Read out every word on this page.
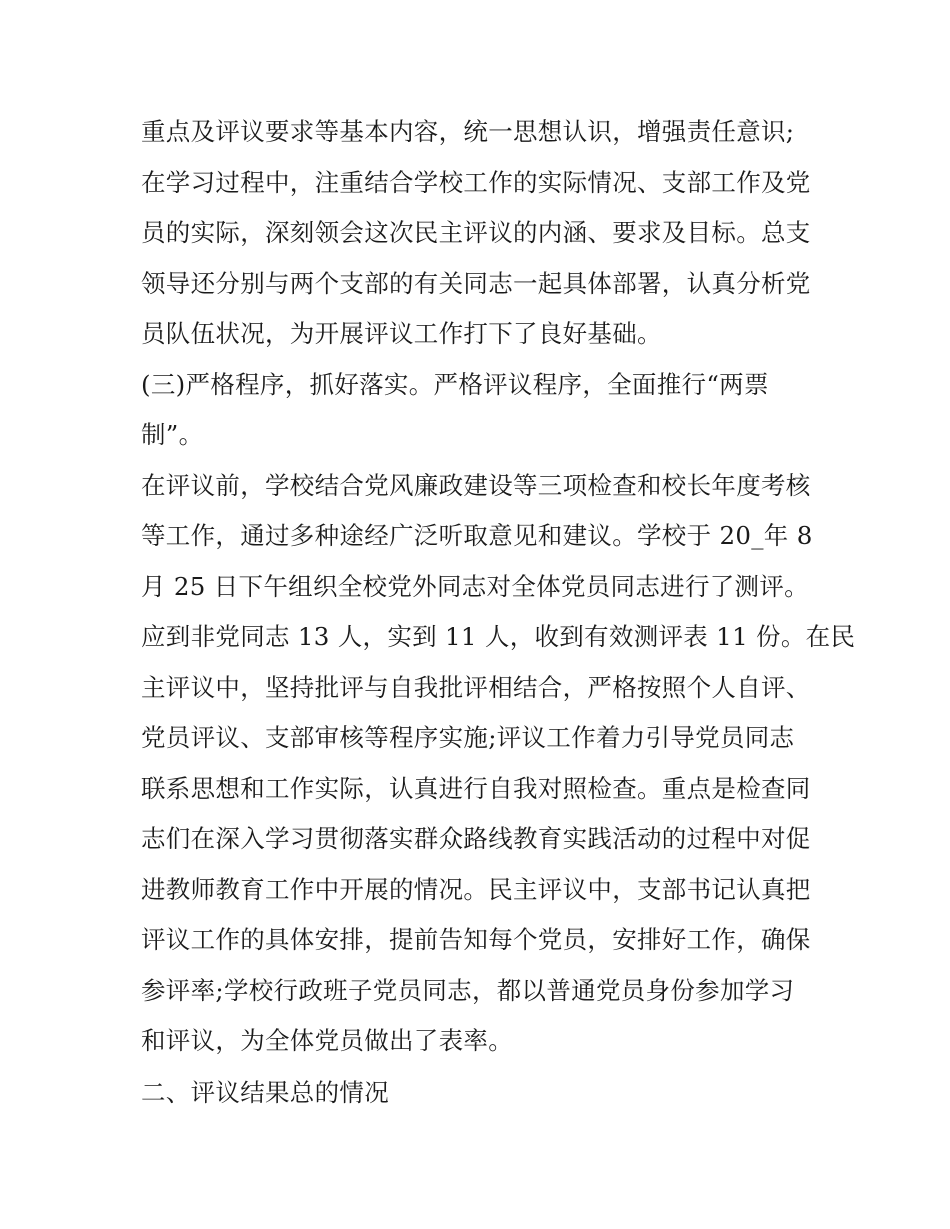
重点及评议要求等基本内容，统一思想认识，增强责任意识;
在学习过程中，注重结合学校工作的实际情况、支部工作及党
员的实际，深刻领会这次民主评议的内涵、要求及目标。总支
领导还分别与两个支部的有关同志一起具体部署，认真分析党
员队伍状况，为开展评议工作打下了良好基础。
(三)严格程序，抓好落实。严格评议程序，全面推行“两票
制”。
在评议前，学校结合党风廉政建设等三项检查和校长年度考核
等工作，通过多种途经广泛听取意见和建议。学校于 20_年 8
月 25 日下午组织全校党外同志对全体党员同志进行了测评。
应到非党同志 13 人，实到 11 人，收到有效测评表 11 份。在民
主评议中，坚持批评与自我批评相结合，严格按照个人自评、
党员评议、支部审核等程序实施;评议工作着力引导党员同志
联系思想和工作实际，认真进行自我对照检查。重点是检查同
志们在深入学习贯彻落实群众路线教育实践活动的过程中对促
进教师教育工作中开展的情况。民主评议中，支部书记认真把
评议工作的具体安排，提前告知每个党员，安排好工作，确保
参评率;学校行政班子党员同志，都以普通党员身份参加学习
和评议，为全体党员做出了表率。
二、评议结果总的情况
